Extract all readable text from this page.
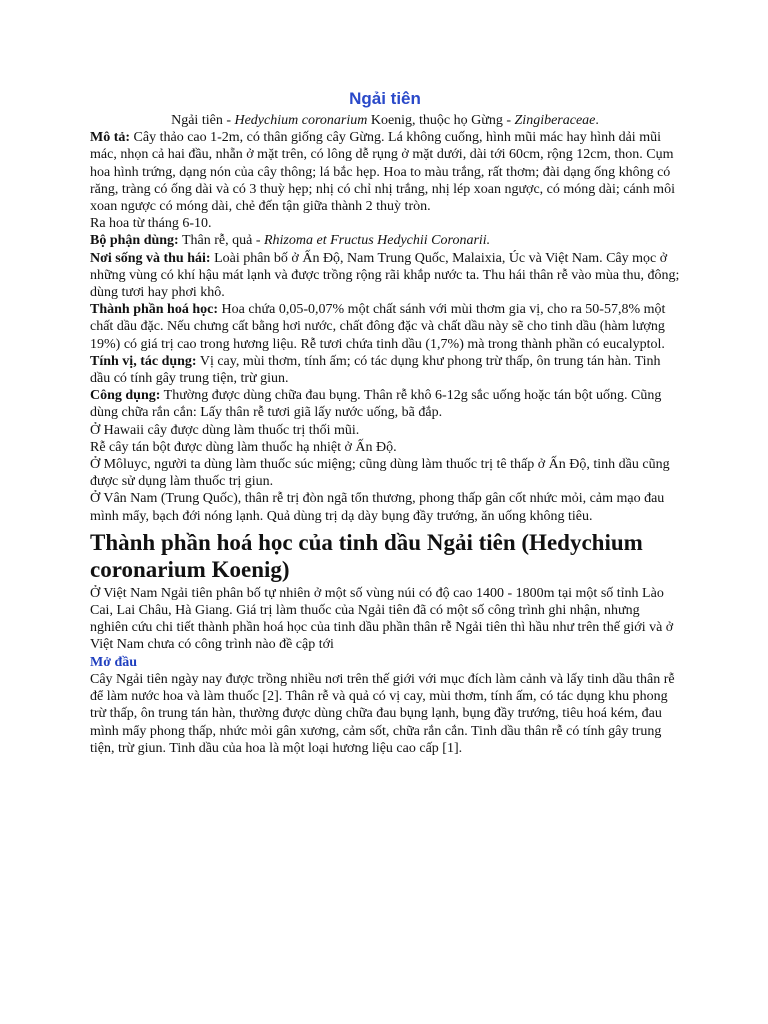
Ngải tiên

Ngải tiên - Hedychium coronarium Koenig, thuộc họ Gừng - Zingiberaceae.

Mô tả: Cây thảo cao 1-2m, có thân giống cây Gừng. Lá không cuống, hình mũi mác hay hình dải mũi mác, nhọn cả hai đầu, nhẵn ở mặt trên, có lông dễ rụng ở mặt dưới, dài tới 60cm, rộng 12cm, thon. Cụm hoa hình trứng, dạng nón của cây thông; lá bắc hẹp. Hoa to màu trắng, rất thơm; đài dạng ống không có răng, tràng có ống dài và có 3 thuỳ hẹp; nhị có chỉ nhị trắng, nhị lép xoan ngược, có móng dài; cánh môi xoan ngược có móng dài, chẻ đến tận giữa thành 2 thuỳ tròn.

Ra hoa từ tháng 6-10.

Bộ phận dùng: Thân rễ, quả - Rhizoma et Fructus Hedychii Coronarii.

Nơi sống và thu hái: Loài phân bố ở Ấn Độ, Nam Trung Quốc, Malaixia, Úc và Việt Nam. Cây mọc ở những vùng có khí hậu mát lạnh và được trồng rộng rãi khắp nước ta. Thu hái thân rễ vào mùa thu, đông; dùng tươi hay phơi khô.

Thành phần hoá học: Hoa chứa 0,05-0,07% một chất sánh với mùi thơm gia vị, cho ra 50-57,8% một chất dầu đặc. Nếu chưng cất bằng hơi nước, chất đông đặc và chất dầu này sẽ cho tinh dầu (hàm lượng 19%) có giá trị cao trong hương liệu. Rễ tươi chứa tinh dầu (1,7%) mà trong thành phần có eucalyptol.

Tính vị, tác dụng: Vị cay, mùi thơm, tính ấm; có tác dụng khư phong trừ thấp, ôn trung tán hàn. Tinh dầu có tính gây trung tiện, trừ giun.

Công dụng: Thường được dùng chữa đau bụng. Thân rễ khô 6-12g sắc uống hoặc tán bột uống. Cũng dùng chữa rắn cắn: Lấy thân rễ tươi giã lấy nước uống, bã đắp.

Ở Hawaii cây được dùng làm thuốc trị thối mũi.

Rễ cây tán bột được dùng làm thuốc hạ nhiệt ở Ấn Độ.

Ở Môluyc, người ta dùng làm thuốc súc miệng; cũng dùng làm thuốc trị tê thấp ở Ấn Độ, tinh dầu cũng được sử dụng làm thuốc trị giun.

Ở Vân Nam (Trung Quốc), thân rễ trị đòn ngã tổn thương, phong thấp gân cốt nhức mỏi, cảm mạo đau mình mẩy, bạch đới nóng lạnh. Quả dùng trị dạ dày bụng đầy trướng, ăn uống không tiêu.

Thành phần hoá học của tinh dầu Ngải tiên (Hedychium coronarium Koenig)

Ở Việt Nam Ngải tiên phân bố tự nhiên ở một số vùng núi có độ cao 1400 - 1800m tại một số tỉnh Lào Cai, Lai Châu, Hà Giang. Giá trị làm thuốc của Ngải tiên đã có một số công trình ghi nhận, nhưng nghiên cứu chi tiết thành phần hoá học của tinh dầu phần thân rễ Ngải tiên thì hầu như trên thế giới và ở Việt Nam chưa có công trình nào đề cập tới

Mở đầu

Cây Ngải tiên ngày nay được trồng nhiều nơi trên thế giới với mục đích làm cảnh và lấy tinh dầu thân rễ để làm nước hoa và làm thuốc [2]. Thân rễ và quả có vị cay, mùi thơm, tính ấm, có tác dụng khu phong trừ thấp, ôn trung tán hàn, thường được dùng chữa đau bụng lạnh, bụng đầy trướng, tiêu hoá kém, đau mình mẩy phong thấp, nhức mỏi gân xương, cảm sốt, chữa rắn cắn. Tinh dầu thân rễ có tính gây trung tiện, trừ giun. Tinh dầu của hoa là một loại hương liệu cao cấp [1].
